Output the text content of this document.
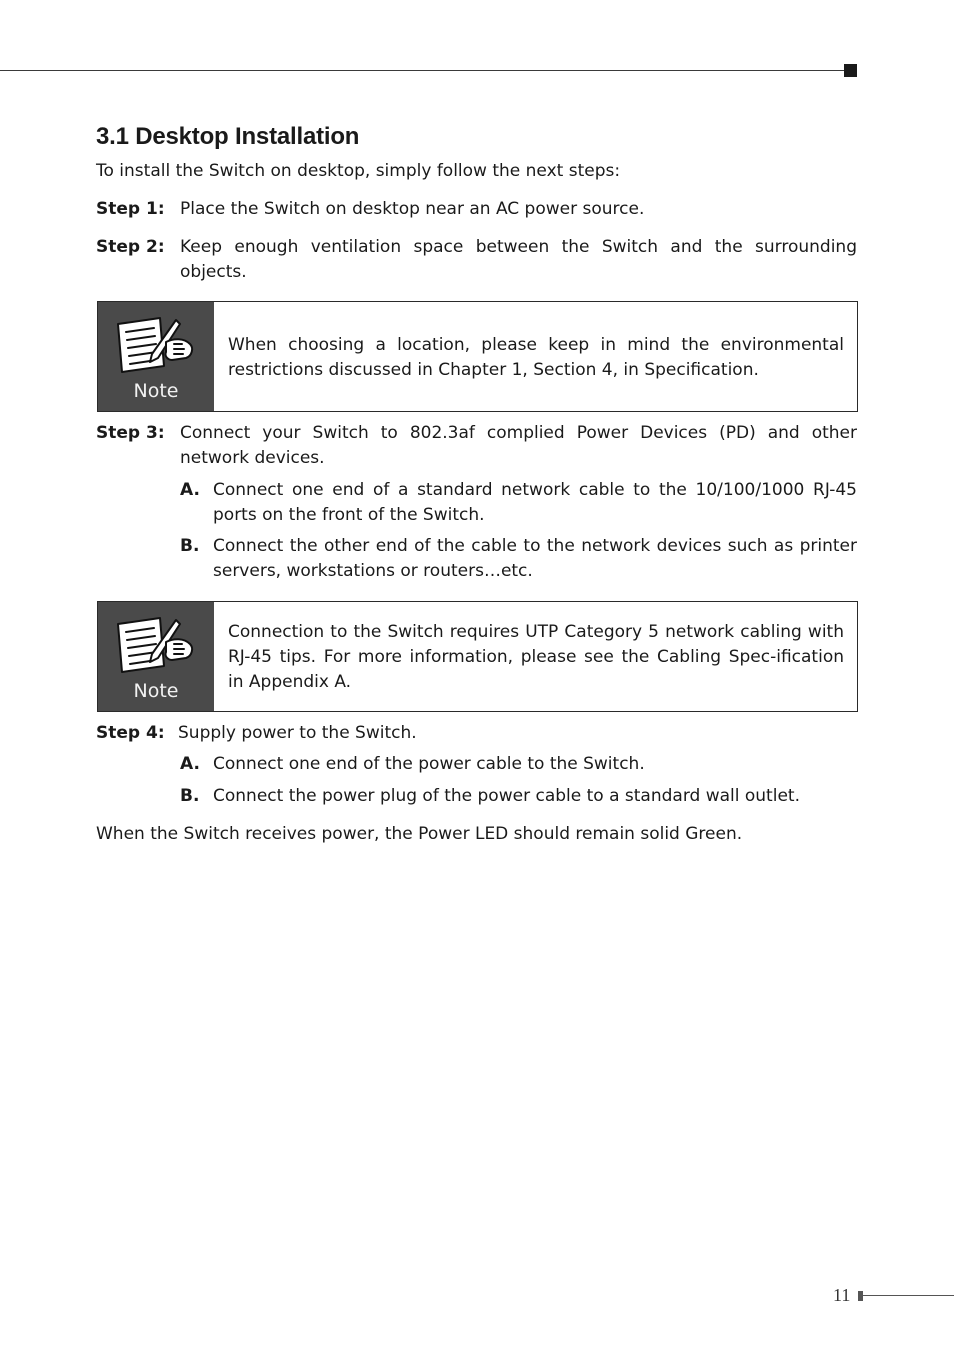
3.1 Desktop Installation

To install the Switch on desktop, simply follow the next steps:

Step 1: Place the Switch on desktop near an AC power source.
Step 2: Keep enough ventilation space between the Switch and the surrounding objects.
Note
When choosing a location, please keep in mind the environmental restrictions discussed in Chapter 1, Section 4, in Specification.
Step 3: Connect your Switch to 802.3af complied Power Devices (PD) and other network devices.
A. Connect one end of a standard network cable to the 10/100/1000 RJ-45 ports on the front of the Switch.
B. Connect the other end of the cable to the network devices such as printer servers, workstations or routers…etc.
Note
Connection to the Switch requires UTP Category 5 network cabling with RJ-45 tips. For more information, please see the Cabling Spec-ification in Appendix A.
Step 4: Supply power to the Switch.
A. Connect one end of the power cable to the Switch.
B. Connect the power plug of the power cable to a standard wall outlet.

When the Switch receives power, the Power LED should remain solid Green.

11
